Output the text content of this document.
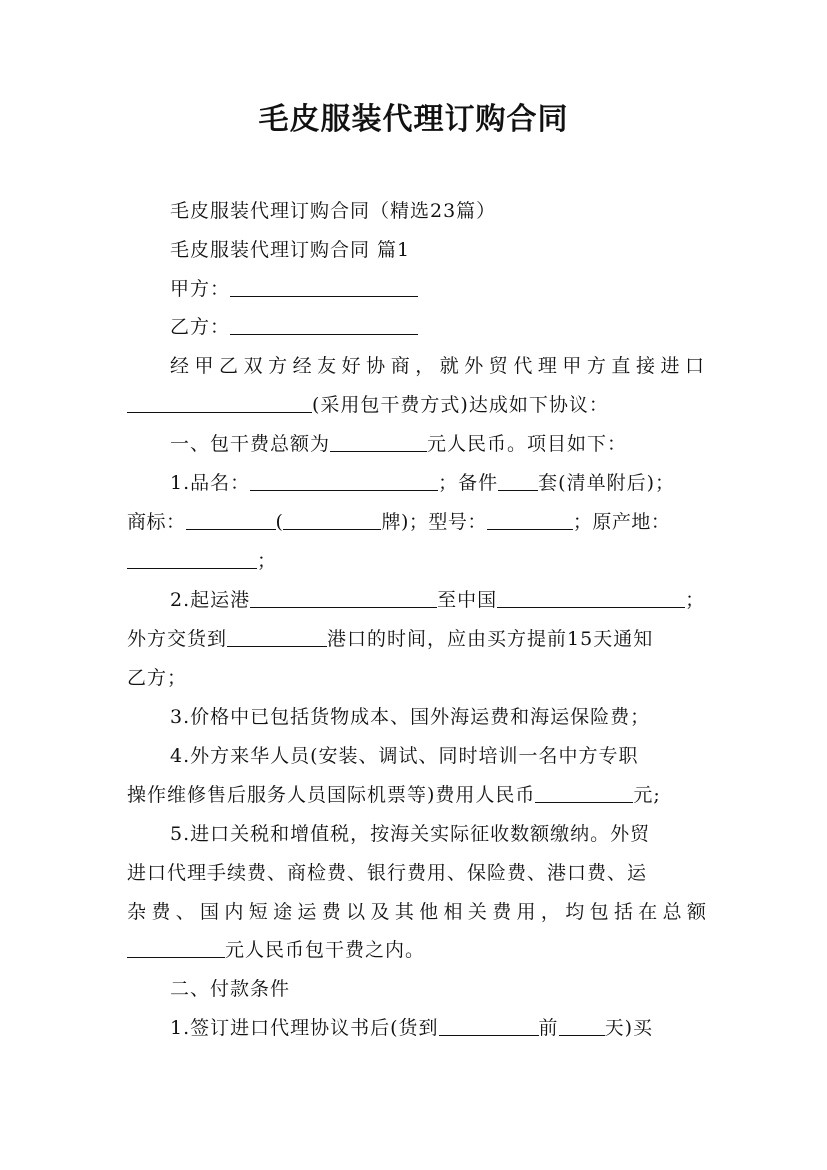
毛皮服装代理订购合同
毛皮服装代理订购合同（精选23篇）
毛皮服装代理订购合同 篇1
甲方：
乙方：
经甲乙双方经友好协商，就外贸代理甲方直接进口
(采用包干费方式)达成如下协议：
一、包干费总额为	元人民币。项目如下：
1.品名：	；备件 套(清单附后)；
商标：	(	牌)；型号：	；原产地：
；
2.起运港	至中国	；
外方交货到	港口的时间，应由买方提前15天通知
乙方；
3.价格中已包括货物成本、国外海运费和海运保险费；
4.外方来华人员(安装、调试、同时培训一名中方专职
操作维修售后服务人员国际机票等)费用人民币	元;
5.进口关税和增值税，按海关实际征收数额缴纳。外贸
进口代理手续费、商检费、银行费用、保险费、港口费、运
杂费、国内短途运费以及其他相关费用，均包括在总额
元人民币包干费之内。
二、付款条件
1.签订进口代理协议书后(货到	前 天)买
